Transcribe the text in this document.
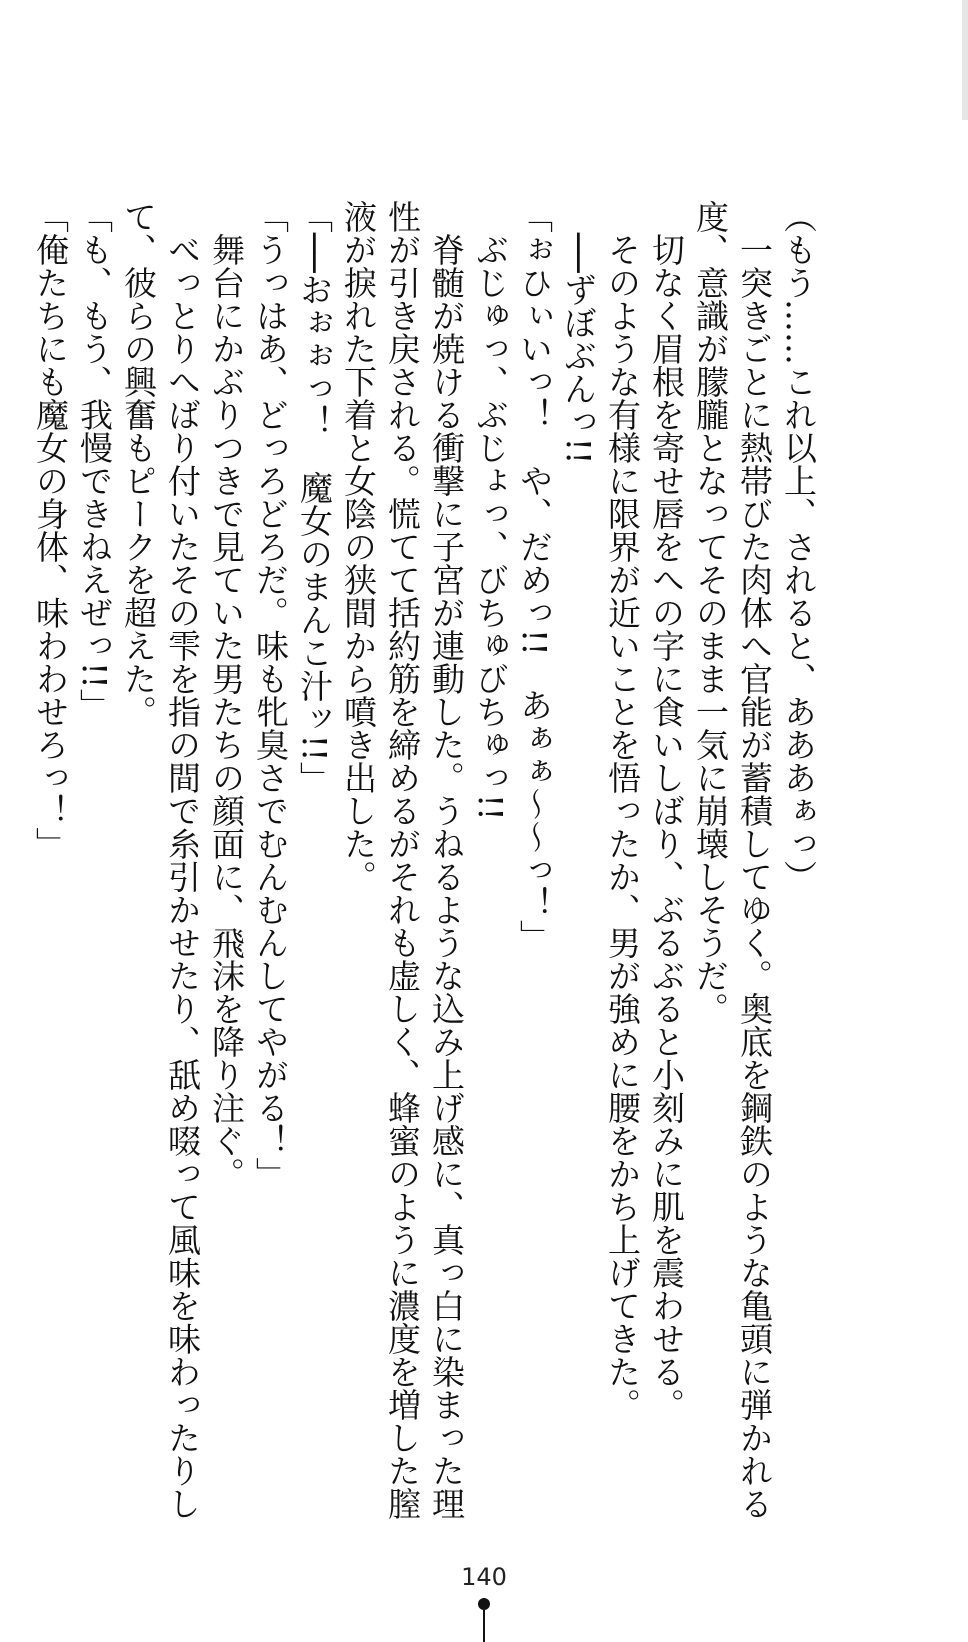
（もう……これ以上、されると、あああぁっ）
　一突きごとに熱帯びた肉体へ官能が蓄積してゆく。奥底を鋼鉄のような亀頭に弾かれる
度、意識が朦朧となってそのまま一気に崩壊しそうだ。
　切なく眉根を寄せ唇をへの字に食いしばり、ぶるぶると小刻みに肌を震わせる。
　そのような有様に限界が近いことを悟ったか、男が強めに腰をかち上げてきた。
　──ずぼぶんっ!!
「ぉひぃいっ！　や、だめっ!!　あぁぁ〜〜っ！」
　ぶじゅっ、ぶじょっ、びちゅびちゅっ!!
　脊髄が焼ける衝撃に子宮が連動した。うねるような込み上げ感に、真っ白に染まった理
性が引き戻される。慌てて括約筋を締めるがそれも虚しく、蜂蜜のように濃度を増した膣
液が捩れた下着と女陰の狭間から噴き出した。
「──おぉぉっ！　魔女のまんこ汁ッ!!」
「うっはあ、どっろどろだ。味も牝臭さでむんむんしてやがる！」
　舞台にかぶりつきで見ていた男たちの顔面に、飛沫を降り注ぐ。
　べっとりへばり付いたその雫を指の間で糸引かせたり、舐め啜って風味を味わったりし
て、彼らの興奮もピークを超えた。
「も、もう、我慢できねえぜっ!!」
「俺たちにも魔女の身体、味わわせろっ！」
140
